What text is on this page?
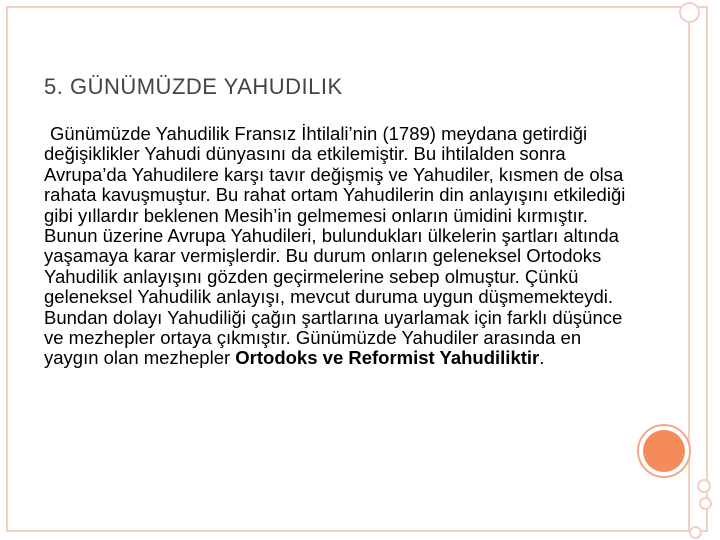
5. GÜNÜMÜZDE YAHUDILIK

Günümüzde Yahudilik Fransız İhtilali’nin (1789) meydana getirdiği değişiklikler Yahudi dünyasını da etkilemiştir. Bu ihtilalden sonra Avrupa’da Yahudilere karşı tavır değişmiş ve Yahudiler, kısmen de olsa rahata kavuşmuştur. Bu rahat ortam Yahudilerin din anlayışını etkilediği gibi yıllardır beklenen Mesih’in gelmemesi onların ümidini kırmıştır. Bunun üzerine Avrupa Yahudileri, bulundukları ülkelerin şartları altında yaşamaya karar vermişlerdir. Bu durum onların geleneksel Ortodoks Yahudilik anlayışını gözden geçirmelerine sebep olmuştur. Çünkü geleneksel Yahudilik anlayışı, mevcut duruma uygun düşmemekteydi. Bundan dolayı Yahudiliği çağın şartlarına uyarlamak için farklı düşünce ve mezhepler ortaya çıkmıştır. Günümüzde Yahudiler arasında en yaygın olan mezhepler Ortodoks ve Reformist Yahudiliktir.
